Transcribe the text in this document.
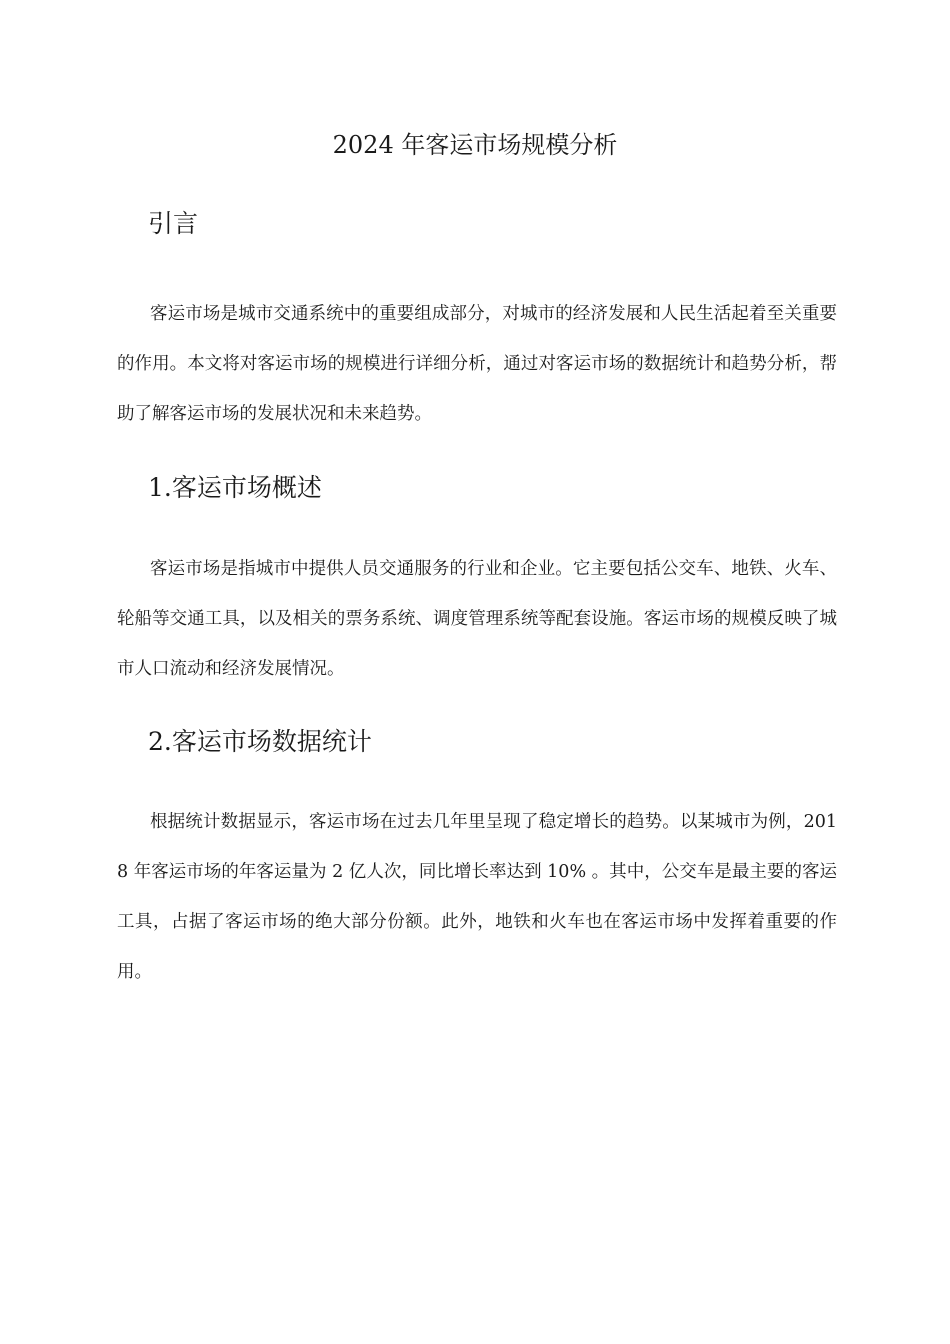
2024 年客运市场规模分析
引言

客运市场是城市交通系统中的重要组成部分，对城市的经济发展和人民生活起着至关重要的作用。本文将对客运市场的规模进行详细分析，通过对客运市场的数据统计和趋势分析，帮助了解客运市场的发展状况和未来趋势。

1.客运市场概述

客运市场是指城市中提供人员交通服务的行业和企业。它主要包括公交车、地铁、火车、轮船等交通工具，以及相关的票务系统、调度管理系统等配套设施。客运市场的规模反映了城市人口流动和经济发展情况。

2.客运市场数据统计

根据统计数据显示，客运市场在过去几年里呈现了稳定增长的趋势。以某城市为例，2018 年客运市场的年客运量为 2 亿人次，同比增长率达到 10% 。其中，公交车是最主要的客运工具，占据了客运市场的绝大部分份额。此外，地铁和火车也在客运市场中发挥着重要的作用。
